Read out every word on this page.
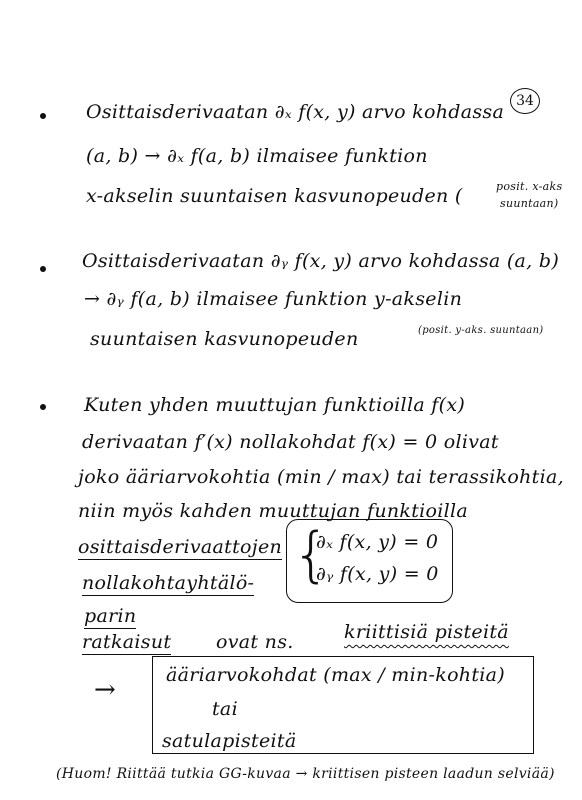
34
Osittaisderivaatan ∂ₓ f(x, y) arvo kohdassa
(a, b) → ∂ₓ f(a, b) ilmaisee funktion
x-akselin suuntaisen kasvunopeuden (	posit. x-aks
suuntaan)
Osittaisderivaatan ∂ᵧ f(x, y) arvo kohdassa (a, b)
→ ∂ᵧ f(a, b) ilmaisee funktion y-akselin
suuntaisen kasvunopeuden	(posit. y-aks. suuntaan)
Kuten yhden muuttujan funktioilla f(x)
derivaatan f′(x) nollakohdat f(x) = 0 olivat
joko ääriarvokohtia (min / max) tai terassikohtia,
niin myös kahden muuttujan funktioilla
osittaisderivaattojen
nollakohtayhtälö-
parin
{
∂ₓ f(x, y) = 0
∂ᵧ f(x, y) = 0
ratkaisut ovat ns.	kriittisiä pisteitä
→	ääriarvokohdat (max / min-kohtia)
tai
satulapisteitä
(Huom! Riittää tutkia GG-kuvaa → kriittisen pisteen laadun selviää)
